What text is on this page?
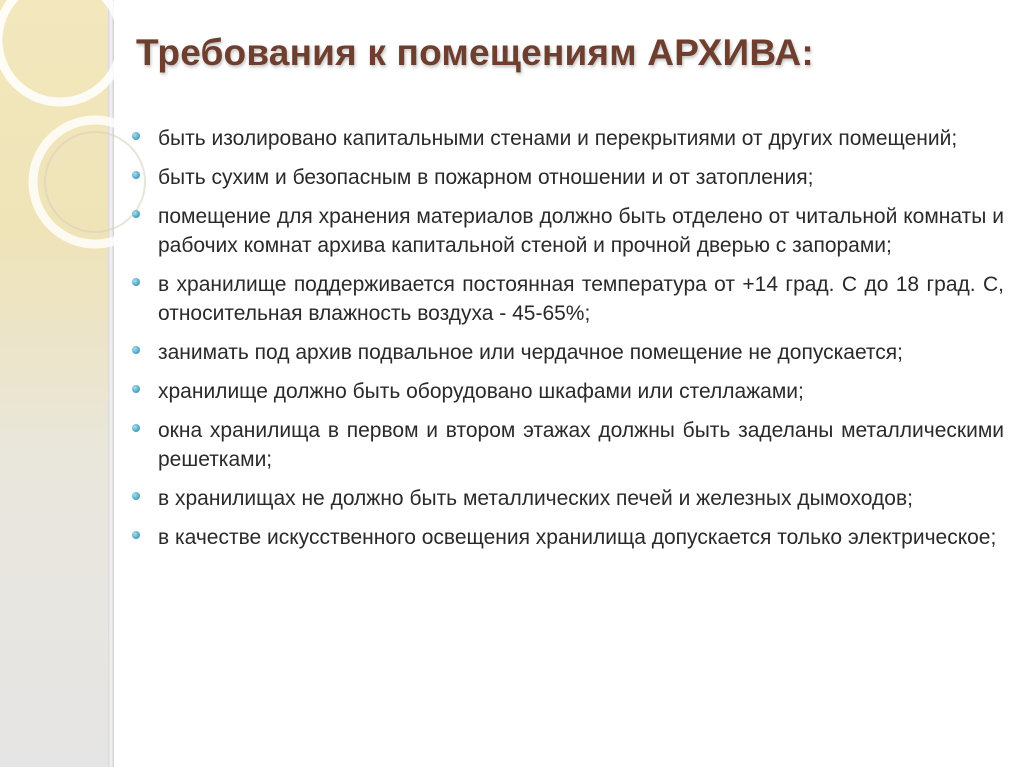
Требования к помещениям АРХИВА:
быть изолировано капитальными стенами и перекрытиями от других помещений;
быть сухим и безопасным в пожарном отношении и от затопления;
помещение для хранения материалов должно быть отделено от читальной комнаты и рабочих комнат архива капитальной стеной и прочной дверью с запорами;
в хранилище поддерживается постоянная температура от +14 град. С до 18 град. С, относительная влажность воздуха - 45-65%;
занимать под архив подвальное или чердачное помещение не допускается;
хранилище должно быть оборудовано шкафами или стеллажами;
окна хранилища в первом и втором этажах должны быть заделаны металлическими решетками;
в хранилищах не должно быть металлических печей и железных дымоходов;
в качестве искусственного освещения хранилища допускается только электрическое;
